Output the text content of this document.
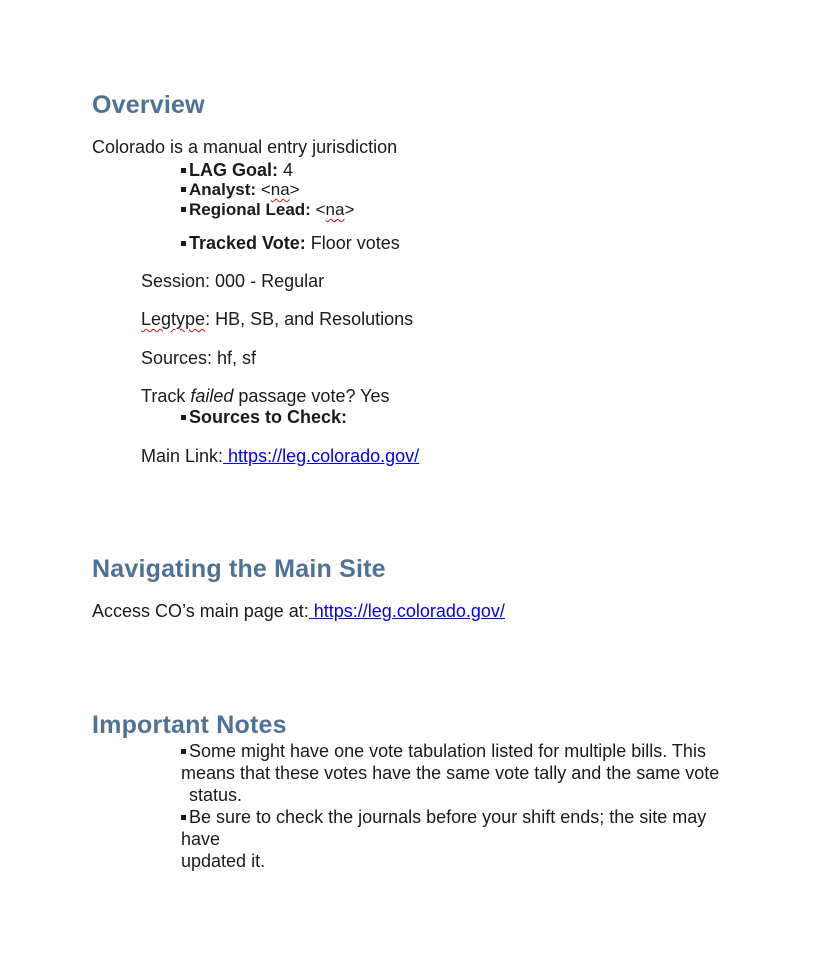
Overview
Colorado is a manual entry jurisdiction
LAG Goal: 4
Analyst: <na>
Regional Lead: <na>
Tracked Vote: Floor votes
Session: 000 - Regular
Legtype: HB, SB, and Resolutions
Sources: hf, sf
Track failed passage vote? Yes
Sources to Check:
Main Link: https://leg.colorado.gov/
Navigating the Main Site
Access CO’s main page at: https://leg.colorado.gov/
Important Notes
Some might have one vote tabulation listed for multiple bills. This
means that these votes have the same vote tally and the same vote
status.
Be sure to check the journals before your shift ends; the site may have
updated it.
